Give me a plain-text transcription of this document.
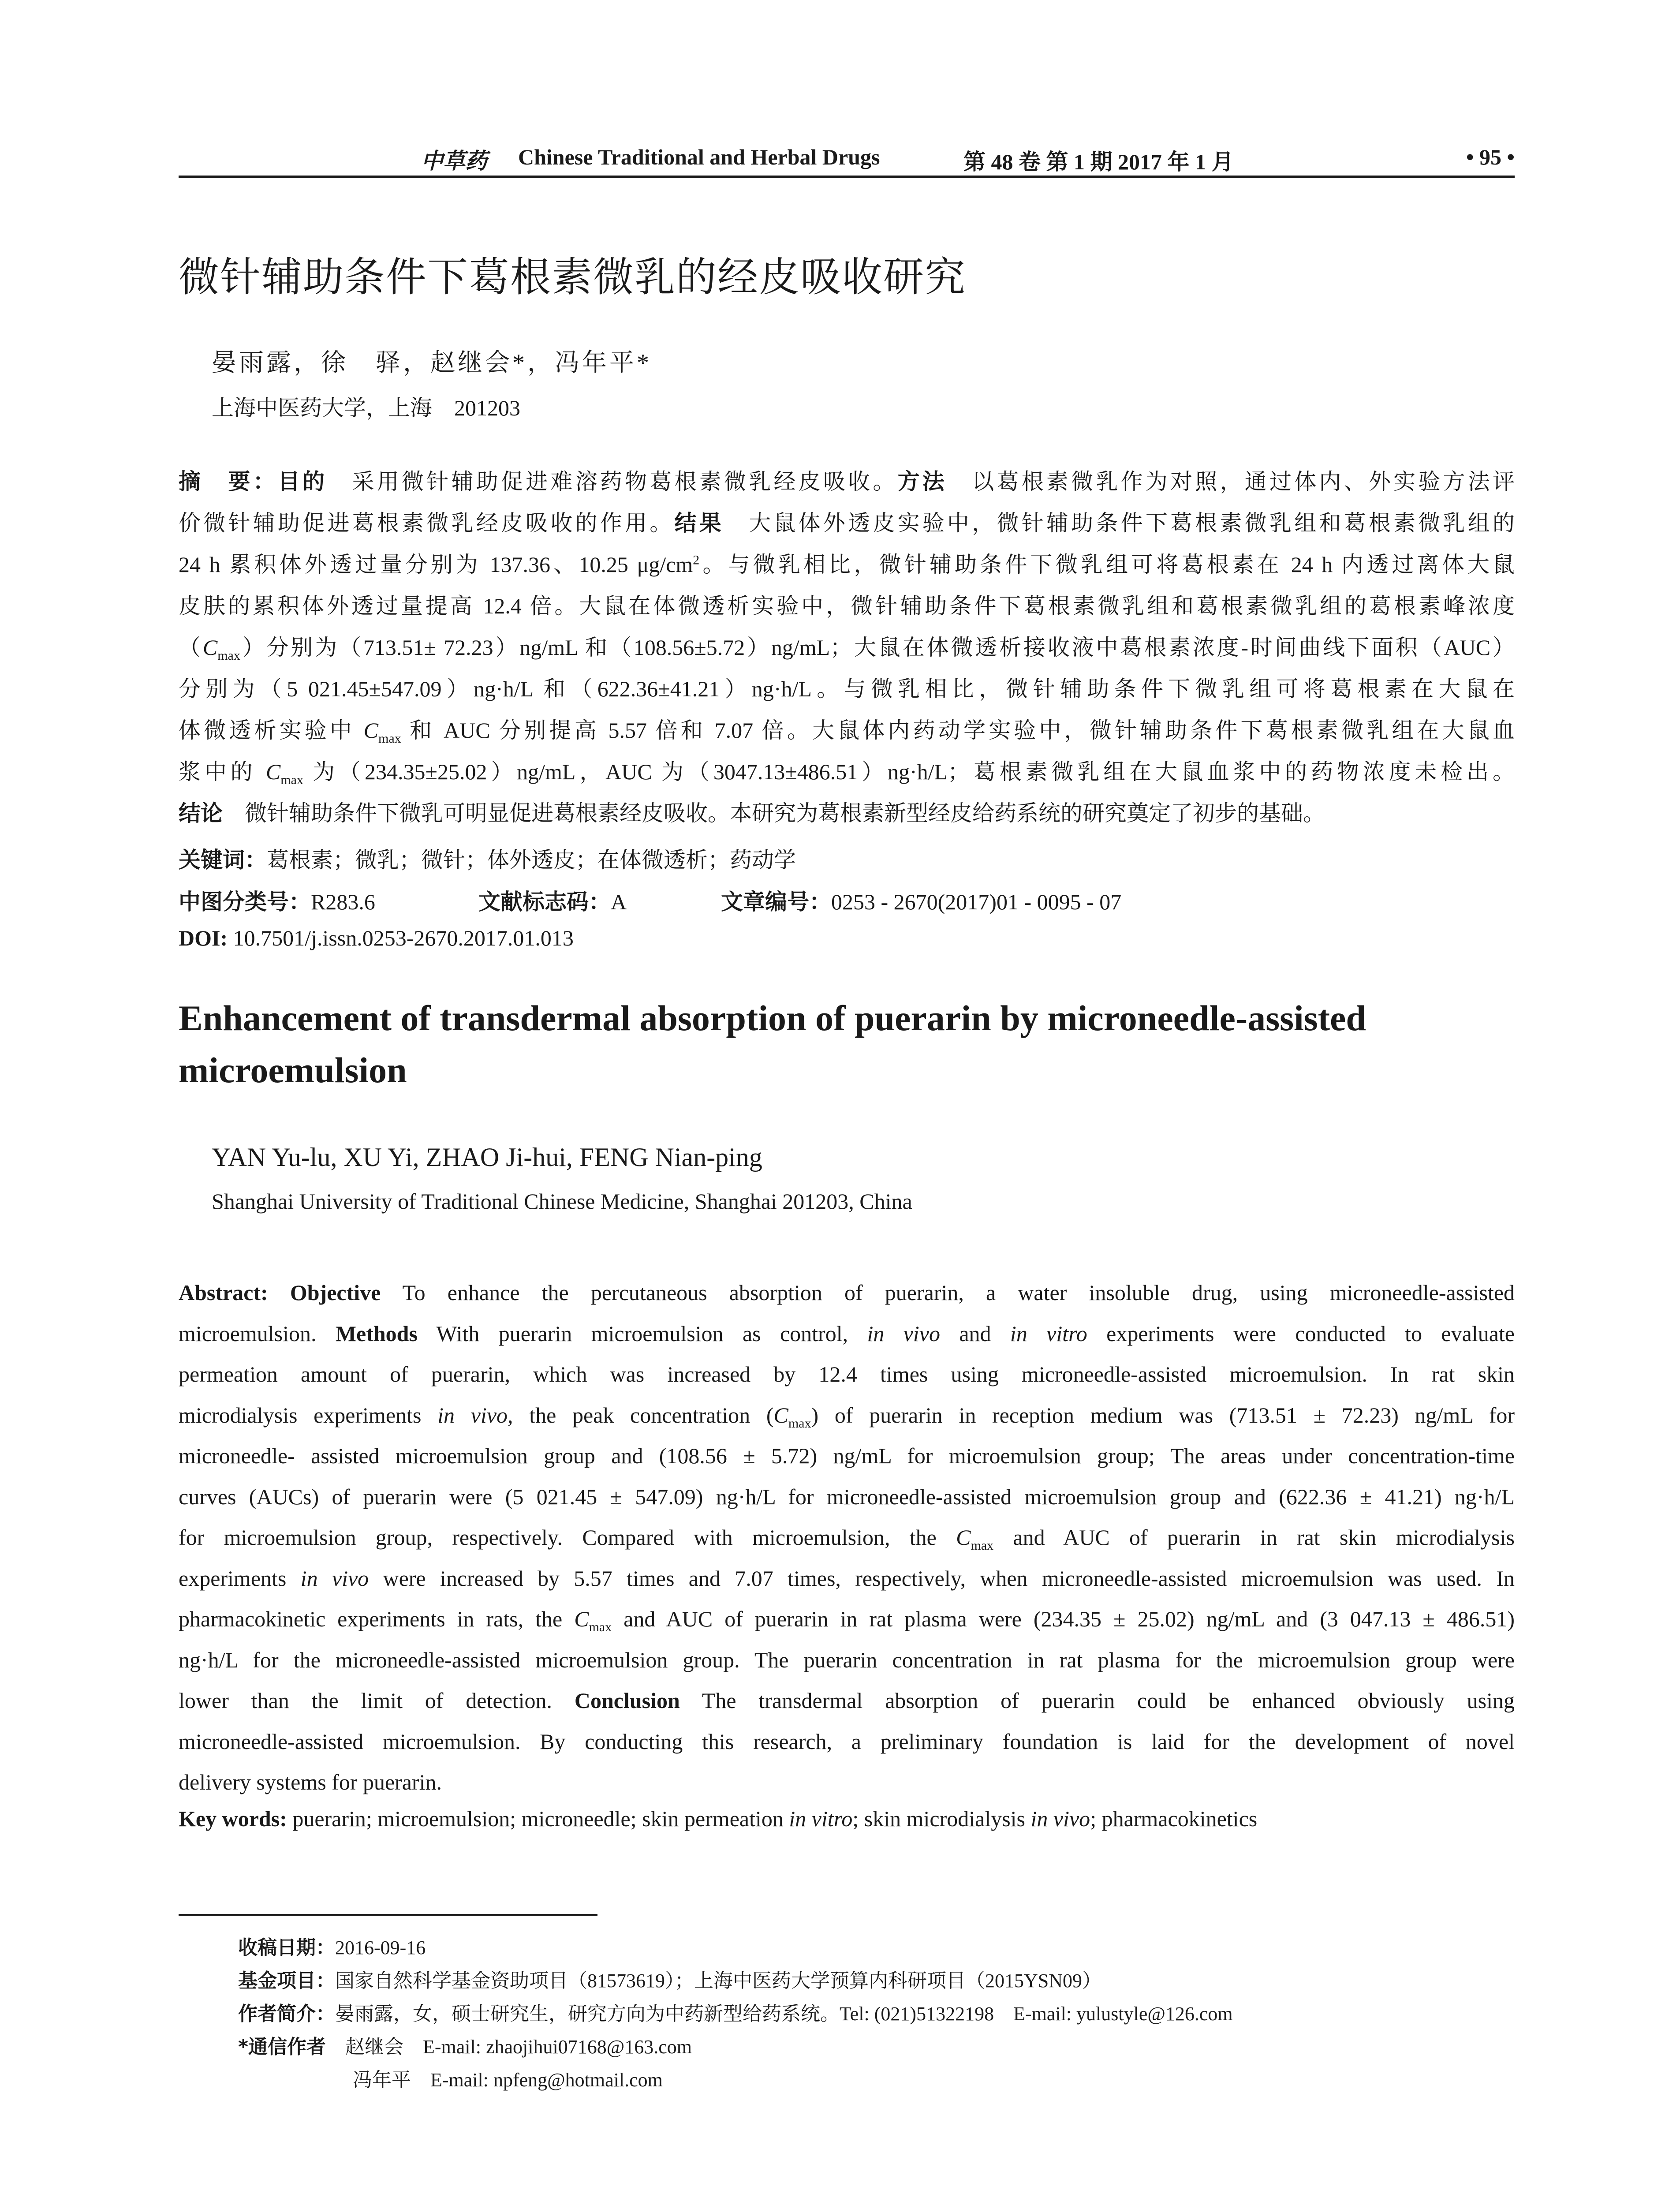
中草药 Chinese Traditional and Herbal Drugs	第 48 卷 第 1 期 2017 年 1 月	• 95 •
微针辅助条件下葛根素微乳的经皮吸收研究
晏雨露，徐　驿，赵继会*，冯年平*
上海中医药大学，上海　201203
摘　要：目的　采用微针辅助促进难溶药物葛根素微乳经皮吸收。方法　以葛根素微乳作为对照，通过体内、外实验方法评
价微针辅助促进葛根素微乳经皮吸收的作用。结果　大鼠体外透皮实验中，微针辅助条件下葛根素微乳组和葛根素微乳组的
24 h 累积体外透过量分别为 137.36、10.25 $\mu g/cm^2$。与微乳相比，微针辅助条件下微乳组可将葛根素在 24 h 内透过离体大鼠
皮肤的累积体外透过量提高 12.4 倍。大鼠在体微透析实验中，微针辅助条件下葛根素微乳组和葛根素微乳组的葛根素峰浓度
$(C_{max})$分别为（713.51± 72.23）ng/mL 和（108.56±5.72）ng/mL；大鼠在体微透析接收液中葛根素浓度-时间曲线下面积（AUC）
分别为（5 021.45±547.09）ng·h/L 和（622.36±41.21）ng·h/L。与微乳相比，微针辅助条件下微乳组可将葛根素在大鼠在
体微透析实验中 $C_{max}$ 和 AUC 分别提高 5.57 倍和 7.07 倍。大鼠体内药动学实验中，微针辅助条件下葛根素微乳组在大鼠血
浆中的 $C_{max}$ 为（234.35±25.02）ng/mL，AUC 为（3047.13±486.51）ng·h/L；葛根素微乳组在大鼠血浆中的药物浓度未检出。
结论　微针辅助条件下微乳可明显促进葛根素经皮吸收。本研究为葛根素新型经皮给药系统的研究奠定了初步的基础。
关键词：葛根素；微乳；微针；体外透皮；在体微透析；药动学
中图分类号：R283.6	文献标志码：A	文章编号：0253 - 2670(2017)01 - 0095 - 07
DOI: 10.7501/j.issn.0253-2670.2017.01.013
Enhancement of transdermal absorption of puerarin by microneedle-assisted microemulsion
YAN Yu-lu, XU Yi, ZHAO Ji-hui, FENG Nian-ping
Shanghai University of Traditional Chinese Medicine, Shanghai 201203, China
Abstract: Objective To enhance the percutaneous absorption of puerarin, a water insoluble drug, using microneedle-assisted
microemulsion. Methods With puerarin microemulsion as control, in vivo and in vitro experiments were conducted to evaluate
permeation amount of puerarin, which was increased by 12.4 times using microneedle-assisted microemulsion. In rat skin
microdialysis experiments in vivo, the peak concentration $(C_{max})$ of puerarin in reception medium was (713.51 ± 72.23) ng/mL for
microneedle- assisted microemulsion group and (108.56 ± 5.72) ng/mL for microemulsion group; The areas under concentration-time
curves (AUCs) of puerarin were (5 021.45 ± 547.09) ng·h/L for microneedle-assisted microemulsion group and (622.36 ± 41.21) ng·h/L
for microemulsion group, respectively. Compared with microemulsion, the $C_{max}$ and AUC of puerarin in rat skin microdialysis
experiments in vivo were increased by 5.57 times and 7.07 times, respectively, when microneedle-assisted microemulsion was used. In
pharmacokinetic experiments in rats, the $C_{max}$ and AUC of puerarin in rat plasma were (234.35 ± 25.02) ng/mL and (3 047.13 ± 486.51)
ng·h/L for the microneedle-assisted microemulsion group. The puerarin concentration in rat plasma for the microemulsion group were
lower than the limit of detection. Conclusion The transdermal absorption of puerarin could be enhanced obviously using
microneedle-assisted microemulsion. By conducting this research, a preliminary foundation is laid for the development of novel
delivery systems for puerarin.
Key words: puerarin; microemulsion; microneedle; skin permeation in vitro; skin microdialysis in vivo; pharmacokinetics
收稿日期：2016-09-16
基金项目：国家自然科学基金资助项目（81573619）；上海中医药大学预算内科研项目（2015YSN09）
作者简介：晏雨露，女，硕士研究生，研究方向为中药新型给药系统。Tel: (021)51322198　E-mail: yulustyle@126.com
*通信作者　赵继会　E-mail: zhaojihui07168@163.com
冯年平　E-mail: npfeng@hotmail.com
